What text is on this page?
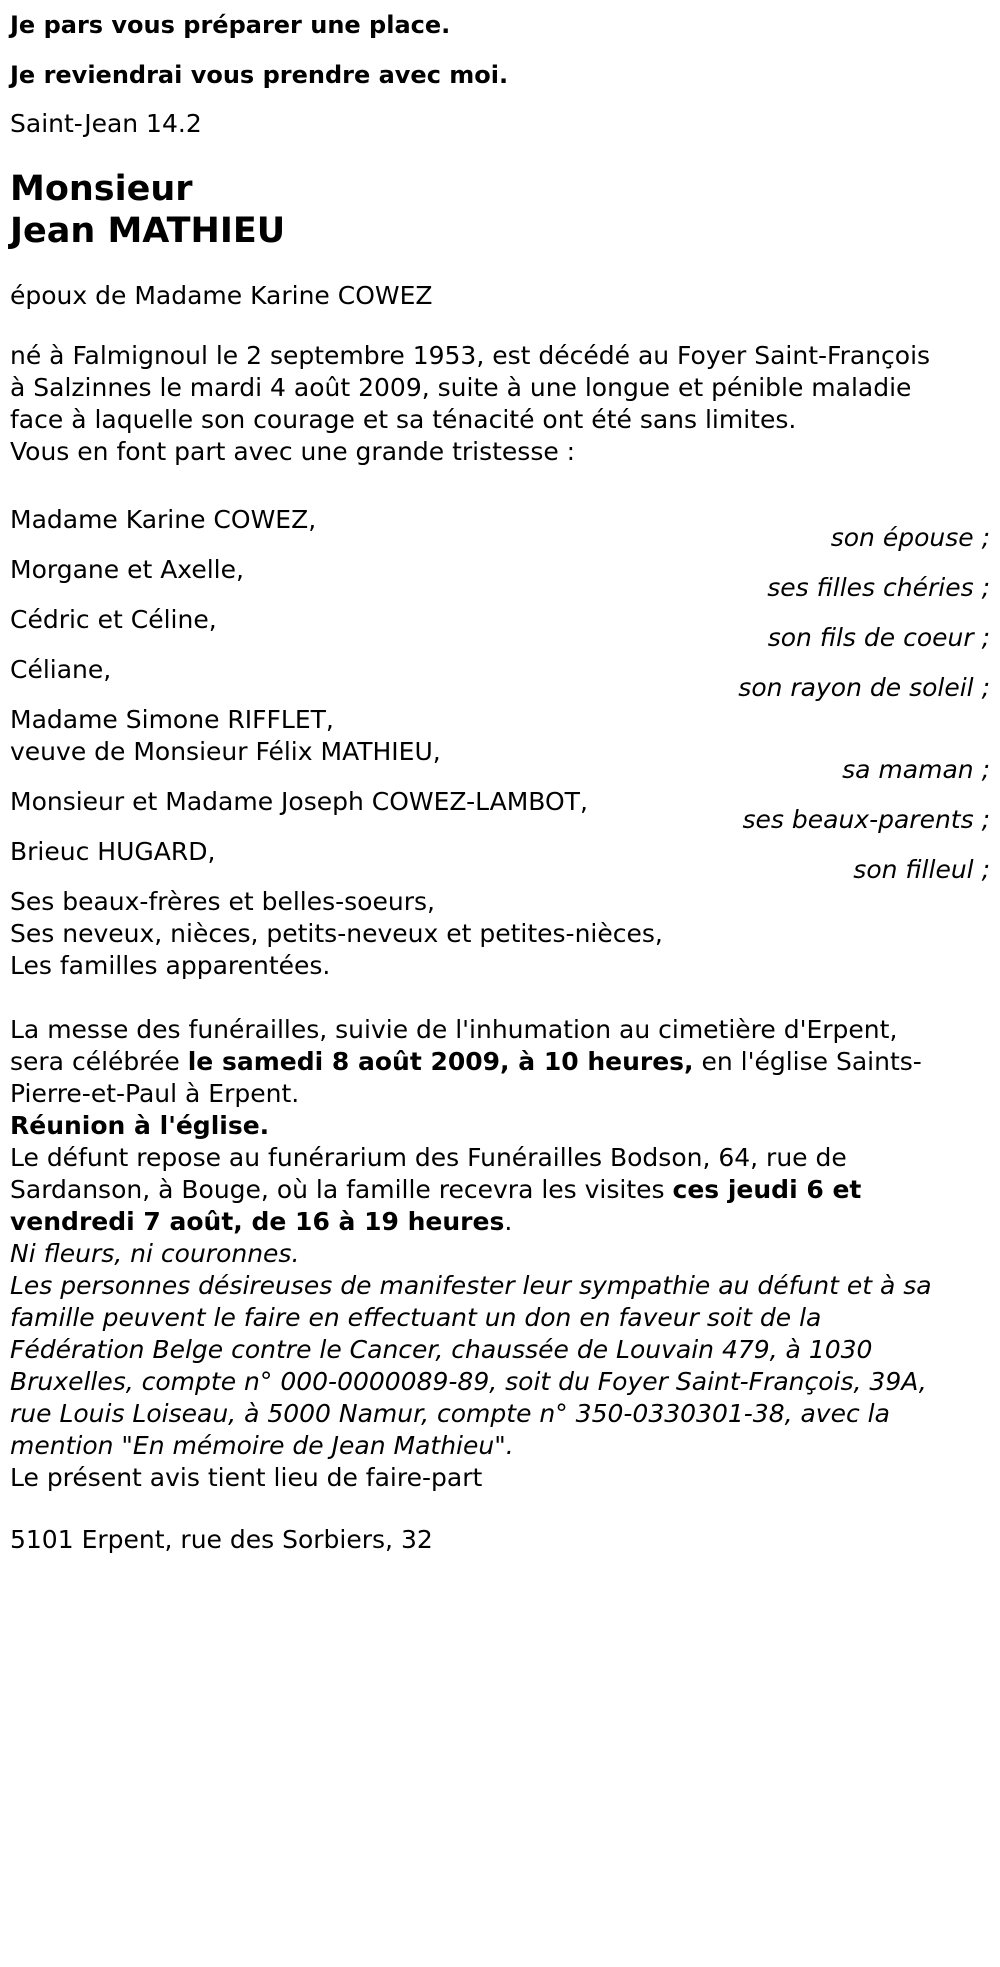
Je pars vous préparer une place.
Je reviendrai vous prendre avec moi.
Saint-Jean 14.2
Monsieur
Jean MATHIEU
époux de Madame Karine COWEZ
né à Falmignoul le 2 septembre 1953, est décédé au Foyer Saint-François
à Salzinnes le mardi 4 août 2009, suite à une longue et pénible maladie
face à laquelle son courage et sa ténacité ont été sans limites.
Vous en font part avec une grande tristesse :
Madame Karine COWEZ,
son épouse ;
Morgane et Axelle,
ses filles chéries ;
Cédric et Céline,
son fils de coeur ;
Céliane,
son rayon de soleil ;
Madame Simone RIFFLET,
veuve de Monsieur Félix MATHIEU,
sa maman ;
Monsieur et Madame Joseph COWEZ-LAMBOT,
ses beaux-parents ;
Brieuc HUGARD,
son filleul ;
Ses beaux-frères et belles-soeurs,
Ses neveux, nièces, petits-neveux et petites-nièces,
Les familles apparentées.
La messe des funérailles, suivie de l'inhumation au cimetière d'Erpent,
sera célébrée le samedi 8 août 2009, à 10 heures, en l'église Saints-
Pierre-et-Paul à Erpent.
Réunion à l'église.
Le défunt repose au funérarium des Funérailles Bodson, 64, rue de
Sardanson, à Bouge, où la famille recevra les visites ces jeudi 6 et
vendredi 7 août, de 16 à 19 heures.
Ni fleurs, ni couronnes.
Les personnes désireuses de manifester leur sympathie au défunt et à sa
famille peuvent le faire en effectuant un don en faveur soit de la
Fédération Belge contre le Cancer, chaussée de Louvain 479, à 1030
Bruxelles, compte n° 000-0000089-89, soit du Foyer Saint-François, 39A,
rue Louis Loiseau, à 5000 Namur, compte n° 350-0330301-38, avec la
mention "En mémoire de Jean Mathieu".
Le présent avis tient lieu de faire-part
5101 Erpent, rue des Sorbiers, 32
